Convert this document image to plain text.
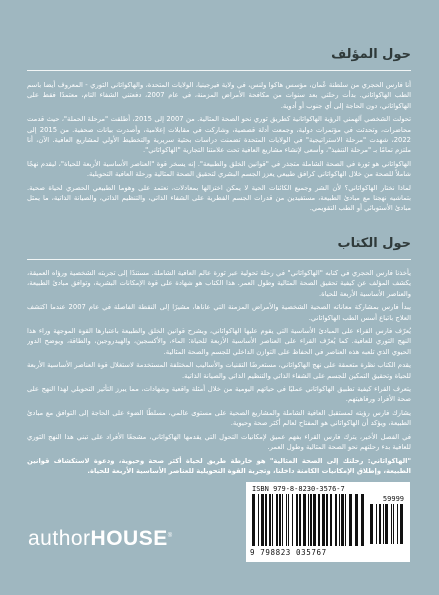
حول المؤلف

أنا فارس الحجري من سلطنة عُمان، مؤسس هاكوا ولنس، في ولاية فيرجينيا، الولايات المتحدة، والهاكواثاني الثوري - المعروف أيضا باسم الطب الهاكواثاني. بدأت رحلتي بعد سنوات من مكافحة الأمراض المزمنة، في عام 2007، دفعتني الشفاء التام، معتمدًا فقط على الهاكواثاني، دون الحاجة إلى أي جنوب أو أدوية.

تحولت الشخصي آلهمني الرؤية الهاكواثانية كطريق ثوري نحو الصحة المثالية. من 2007 إلى 2015، أطلقت "مرحلة الحملة"، حيث قدمت محاضرات، وتحدثت في مؤتمرات دولية، وجمعت أدلة قصصية، وشاركت في مقابلات إعلامية، وأصدرت بيانات صحفية. من 2015 إلى 2022، شهدت "مرحلة الاستراتيجية" في الولايات المتحدة تضمنت دراسات بحثية سريرية والتخطيط الأولي لمشاريع العافية. الآن، أنا ملتزم تمامًا بـ "مرحلة التنفيذ"، وأسعى لإنشاء مشاريع العافية تحت علامتنا التجارية "الهاكواثاني".

الهاكواثاني هو ثورة في الصحة الشاملة متجذر في "قوانين الخلق والطبيعة". إنه يسخر قوة "العناصر الأساسية الأربعة للحياة"، ليقدم نهجًا شاملاً للصحة من خلال الهاكواثاني كرافق طبيعي يعزز الجسم البشري لتحقيق الصحة المثالية ورحلة العافية التحويلية.

لماذا نختار الهاكواثاني؟ لأن الشر وجميع الكائنات الحية لا يمكن اختزالها بمعادلات، نعتمد على وهوما الطبيعي الحصري لحياة صحية. بتماشيه نهجنا مع مبادئ الطبيعة، مستفيدين من قدرات الجسم الفطرية على الشفاء الذاتي، والتنظيم الذاتي، والصيانة الذاتية، ما يمثل مبادئ الأستوبائي أو الطب التقويمي.

حول الكتاب

يأخذنا فارس الحجري في كتابه "الهاكواثاني" في رحلة تحولية عبر ثورة عالم العافية الشاملة. مستندًا إلى تجربته الشخصية ورؤاه العميقة، يكشف المؤلف عن كيفية تحقيق الصحة المثالية وطول العمر. هذا الكتاب هو شهادة على قوة الإمكانات البشرية، وتوافق مبادئ الطبيعة، والعناصر الأساسية الأربعة للحياة.

يبدأ فارس بمشاركة معاناته الصحية الشخصية والأمراض المزمنة التي عاناها، مشيرًا إلى النقطة الفاصلة في عام 2007 عندما اكتشف العلاج باتباع أسس الطب الهاكواثاني.

يُعرّف فارس القراء على المبادئ الأساسية التي يقوم عليها الهاكواثاني، ويشرح قوانين الخلق والطبيعة باعتبارها القوة الموجهة وراء هذا النهج الثوري للعافية. كما يُعرّف القراء على العناصر الأساسية الأربعة للحياة: الماء، والأكسجين، والهيدروجين، والطاقة، ويوضح الدور الحيوي الذي تلعبه هذه العناصر في الحفاظ على التوازن الداخلي للجسم والصحة المثالية.

يقدم الكتاب نظرة متعمقة على نهج الهاكواثاني، مستعرضًا التقنيات والأساليب المختلفة المستخدمة لاستغلال قوة العناصر الأساسية الأربعة للحياة وتحقيق التمكين للجسم على الشفاء الذاتي والتنظيم الذاتي والصيانة الذاتية.

يتعرف القراء كيفية تطبيق الهاكواثاني عمليًا في حياتهم اليومية من خلال أمثلة واقعية وشهادات، مما يبرز التأثير التحويلي لهذا النهج على صحة الأفراد ورفاهيتهم.

يشارك فارس رؤيته لمستقبل العافية الشاملة والمشاريع الصحية على مستوى عالمي، مسلطًا الضوء على الحاجة إلى التوافق مع مبادئ الطبيعة، ويؤكد أن الهاكواثاني هو المفتاح لعالم أكثر صحة وحيوية.

في الفصل الأخير، يترك فارس القراء بفهم عميق لإمكانيات التحول التي يقدمها الهاكواثاني، مشجعًا الأفراد على تبني هذا النهج الثوري للعافية بدء رحلتهم نحو الصحة المثالية وطول العمر.

"الهاكواثاني: رحلتك إلى الصحة المثالية" هو خارطة طريق لحياة أكثر صحة وحيوية، ودعوة لاستكشاف قوانين الطبيعة، وإطلاق الإمكانيات الكامنة داخلنا، وتجربة القوة التحويلية للعناصر الأساسية الأربعة للحياة.

authorHOUSE®
ISBN 979-8-8230-3576-7
59999
9 798823 035767
